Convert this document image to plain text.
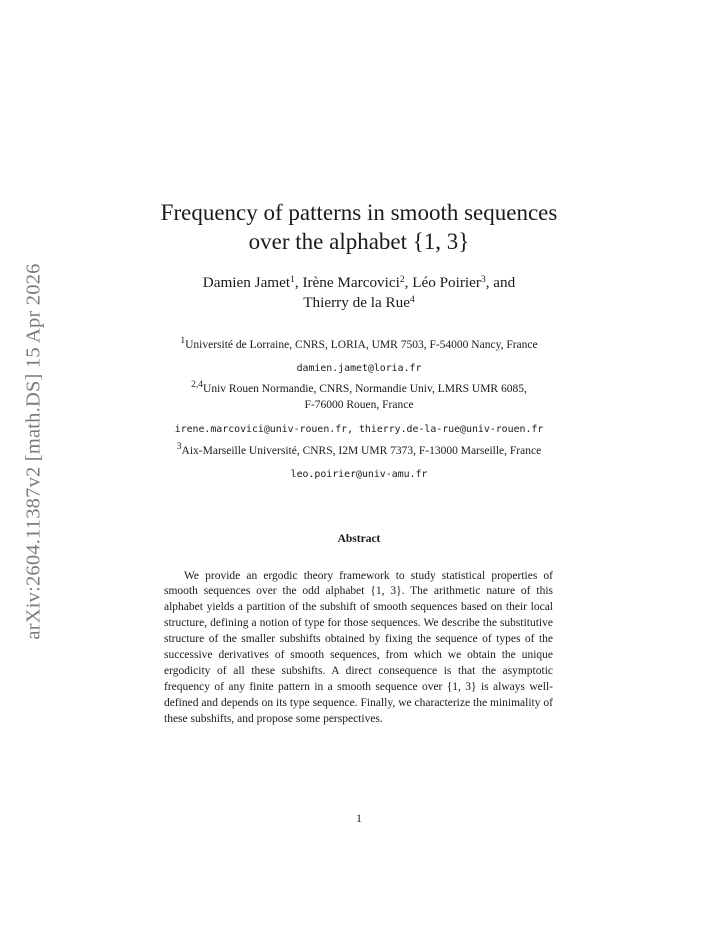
arXiv:2604.11387v2 [math.DS] 15 Apr 2026
Frequency of patterns in smooth sequences
over the alphabet {1, 3}
Damien Jamet$^1$, Irène Marcovici$^2$, Léo Poirier$^3$, and
Thierry de la Rue$^4$
$^1$Université de Lorraine, CNRS, LORIA, UMR 7503, F-54000 Nancy, France
damien.jamet@loria.fr
$^{2,4}$Univ Rouen Normandie, CNRS, Normandie Univ, LMRS UMR 6085,
F-76000 Rouen, France
irene.marcovici@univ-rouen.fr, thierry.de-la-rue@univ-rouen.fr
$^3$Aix-Marseille Université, CNRS, I2M UMR 7373, F-13000 Marseille, France
leo.poirier@univ-amu.fr
Abstract

We provide an ergodic theory framework to study statistical properties of smooth sequences over the odd alphabet {1, 3}. The arithmetic nature of this alphabet yields a partition of the subshift of smooth sequences based on their local structure, defining a notion of type for those sequences. We describe the substitutive structure of the smaller subshifts obtained by fixing the sequence of types of the successive derivatives of smooth sequences, from which we obtain the unique ergodicity of all these subshifts. A direct consequence is that the asymptotic frequency of any finite pattern in a smooth sequence over {1, 3} is always well-defined and depends on its type sequence. Finally, we characterize the minimality of these subshifts, and propose some perspectives.

1
